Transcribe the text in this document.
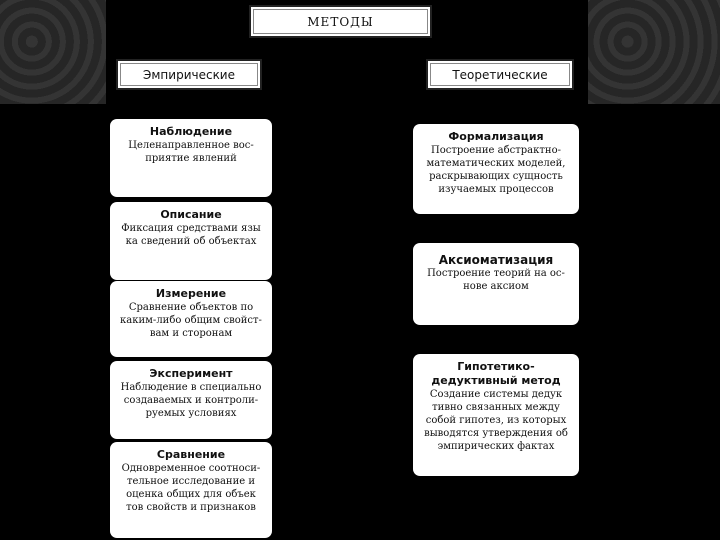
МЕТОДЫ
Эмпирические	Теоретические
Наблюдение
Целенаправленное вос-
приятие явлений
Описание
Фиксация средствами язы
ка сведений об объектах
Измерение
Сравнение объектов по
каким-либо общим свойст-
вам и сторонам
Эксперимент
Наблюдение в специально
создаваемых и контроли-
руемых условиях
Сравнение
Одновременное соотноси-
тельное исследование и
оценка общих для объек
тов свойств и признаков
Формализация
Построение абстрактно-
математических моделей,
раскрывающих сущность
изучаемых процессов
Аксиоматизация
Построение теорий на ос-
нове аксиом
Гипотетико-
дедуктивный метод
Создание системы дедук
тивно связанных между
собой гипотез, из которых
выводятся утверждения об
эмпирических фактах
